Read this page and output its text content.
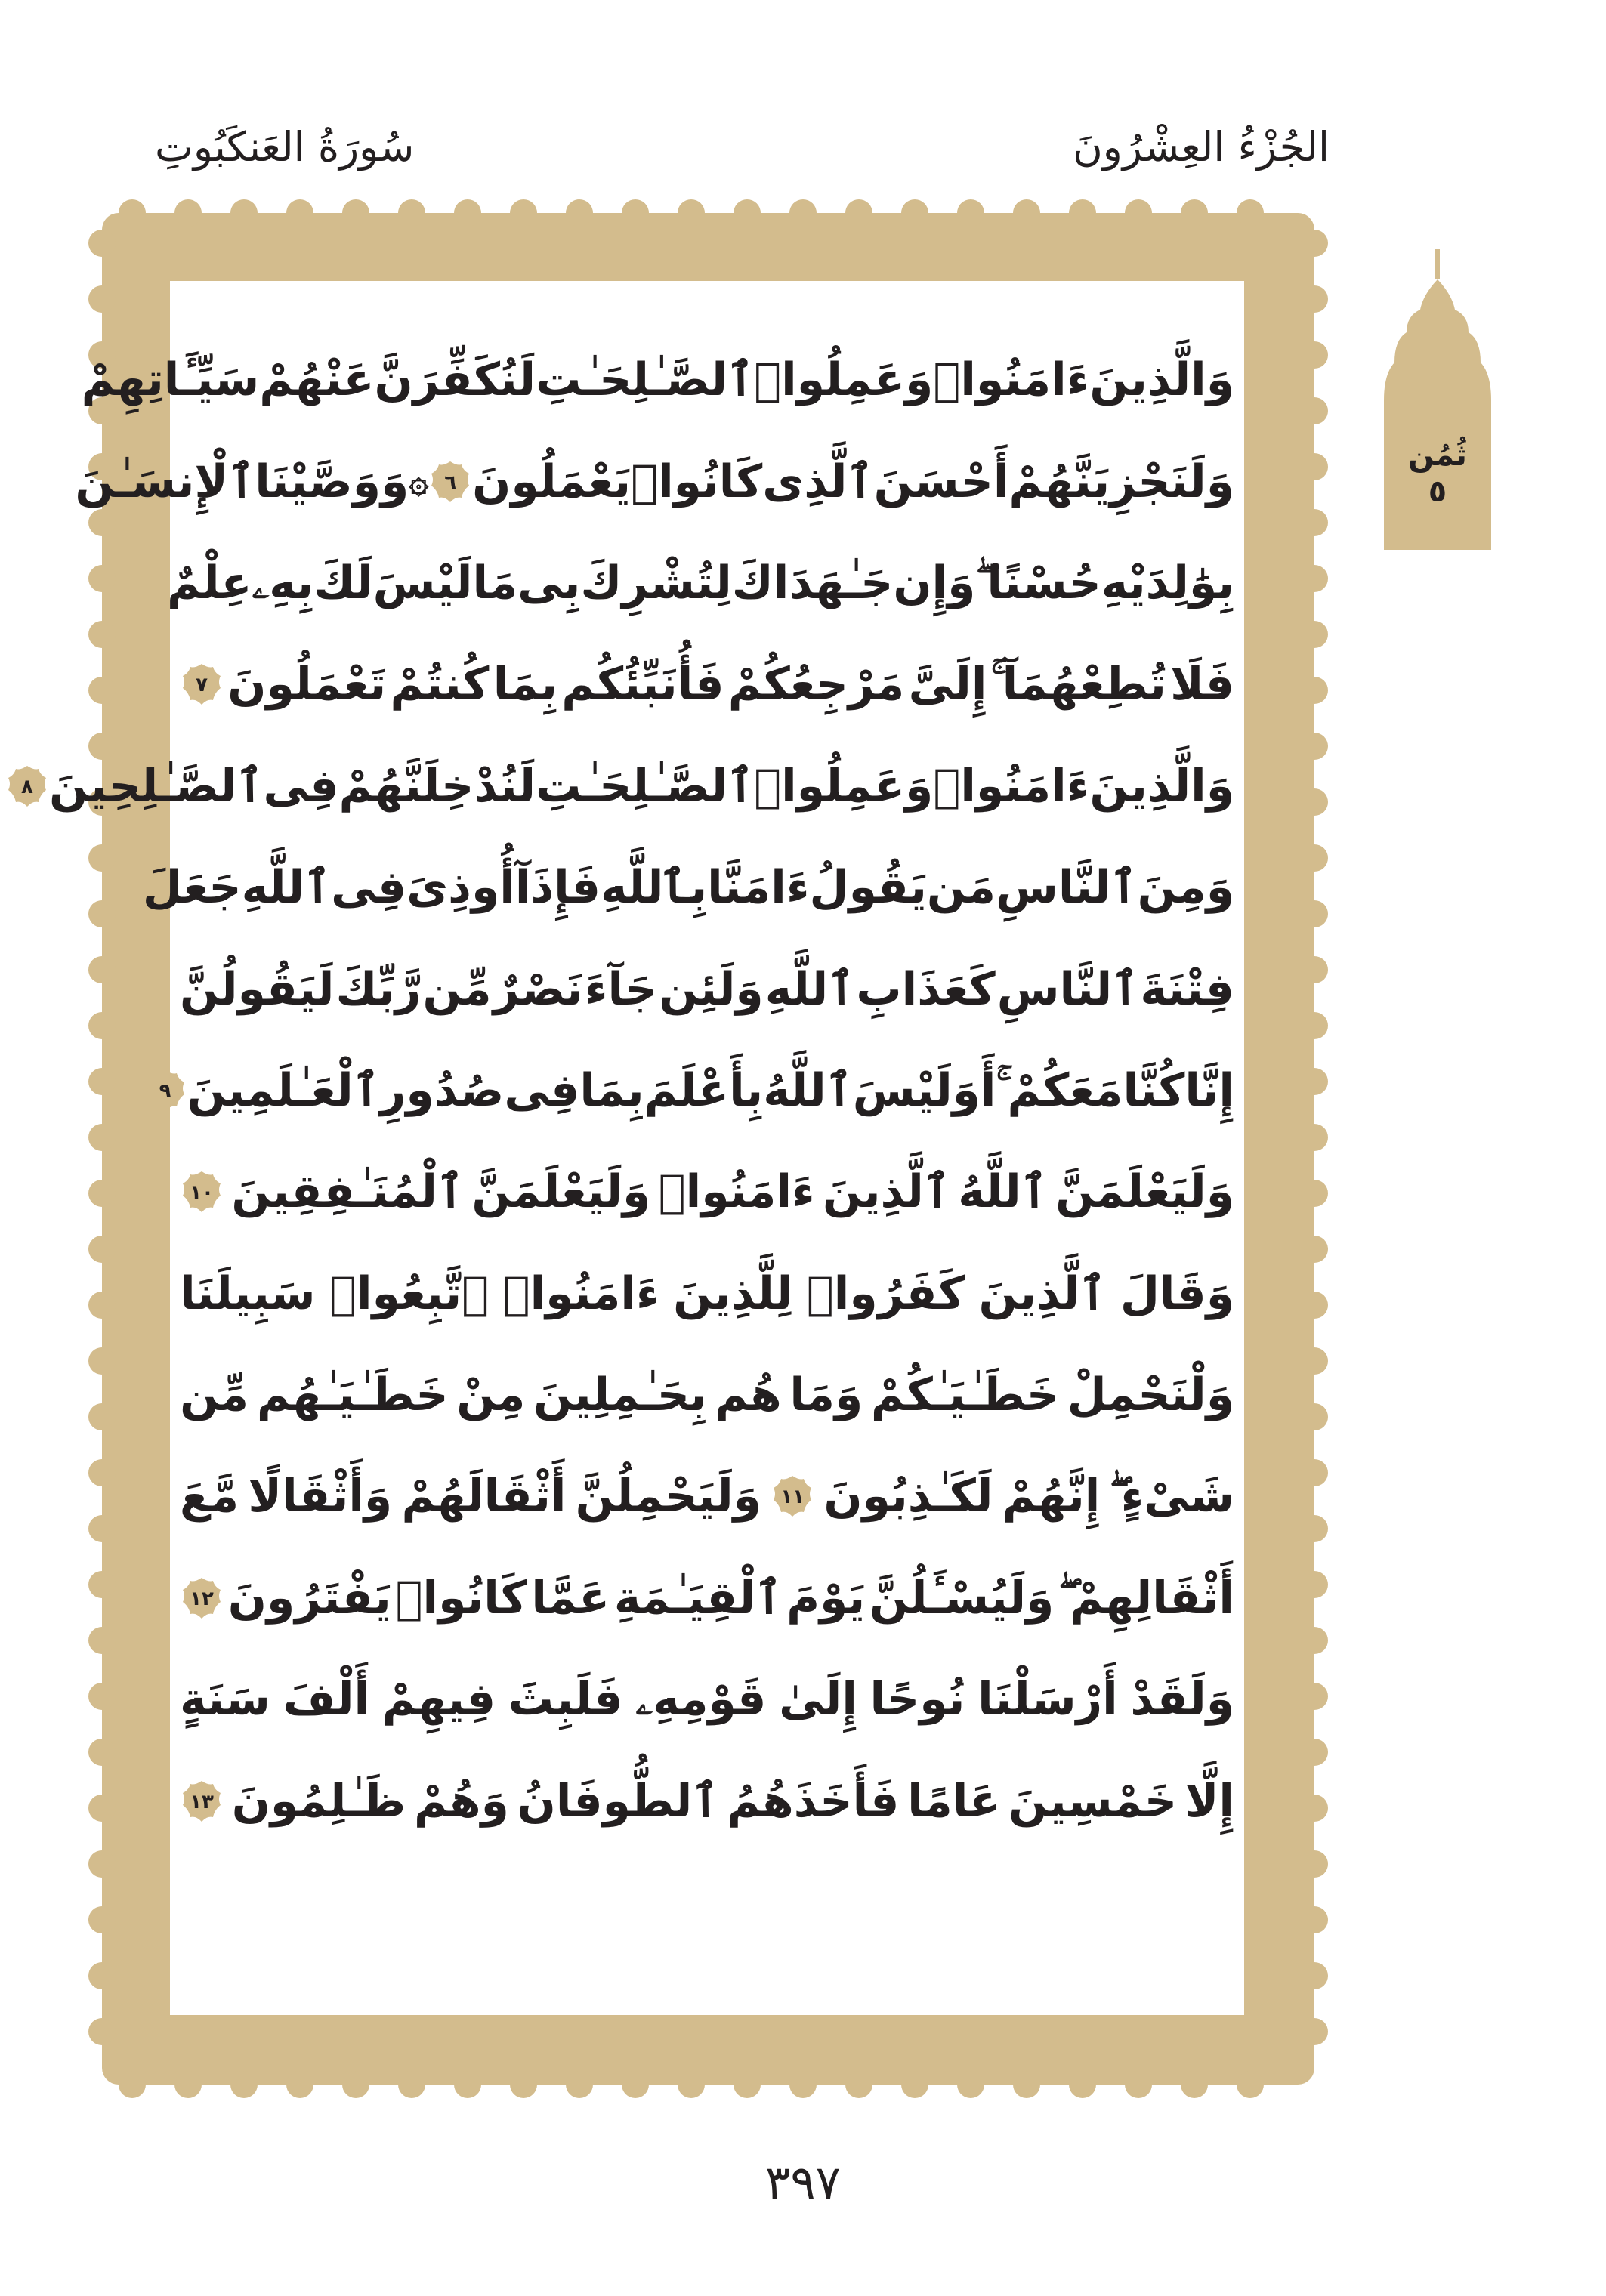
الجُزْءُ العِشْرُونَ
سُورَةُ العَنكَبُوتِ
وَالَّذِينَ
ءَامَنُوا۟
وَعَمِلُوا۟
ٱلصَّـٰلِحَـٰتِ
لَنُكَفِّرَنَّ
عَنْهُمْ
سَيِّـَٔاتِهِمْ
وَلَنَجْزِيَنَّهُمْ
أَحْسَنَ
ٱلَّذِى
كَانُوا۟
يَعْمَلُونَ
٦
۞
وَوَصَّيْنَا
ٱلْإِنسَـٰنَ
بِوَٰلِدَيْهِ
حُسْنًا ۖ
وَإِن
جَـٰهَدَاكَ
لِتُشْرِكَ
بِى
مَا
لَيْسَ
لَكَ
بِهِۦ
عِلْمٌ
فَلَا
تُطِعْهُمَآ ۚ
إِلَىَّ
مَرْجِعُكُمْ
فَأُنَبِّئُكُم
بِمَا
كُنتُمْ
تَعْمَلُونَ
٧
وَالَّذِينَ
ءَامَنُوا۟
وَعَمِلُوا۟
ٱلصَّـٰلِحَـٰتِ
لَنُدْخِلَنَّهُمْ
فِى
ٱلصَّـٰلِحِينَ
٨
وَمِنَ
ٱلنَّاسِ
مَن
يَقُولُ
ءَامَنَّا
بِٱللَّهِ
فَإِذَآ
أُوذِىَ
فِى
ٱللَّهِ
جَعَلَ
فِتْنَةَ
ٱلنَّاسِ
كَعَذَابِ
ٱللَّهِ
وَلَئِن
جَآءَ
نَصْرٌ
مِّن
رَّبِّكَ
لَيَقُولُنَّ
إِنَّا
كُنَّا
مَعَكُمْ ۚ
أَوَلَيْسَ
ٱللَّهُ
بِأَعْلَمَ
بِمَا
فِى
صُدُورِ
ٱلْعَـٰلَمِينَ
٩
وَلَيَعْلَمَنَّ
ٱللَّهُ
ٱلَّذِينَ
ءَامَنُوا۟
وَلَيَعْلَمَنَّ
ٱلْمُنَـٰفِقِينَ
١٠
وَقَالَ
ٱلَّذِينَ
كَفَرُوا۟
لِلَّذِينَ
ءَامَنُوا۟
ٱتَّبِعُوا۟
سَبِيلَنَا
وَلْنَحْمِلْ
خَطَـٰيَـٰكُمْ
وَمَا
هُم
بِحَـٰمِلِينَ
مِنْ
خَطَـٰيَـٰهُم
مِّن
شَىْءٍ ۖ
إِنَّهُمْ
لَكَـٰذِبُونَ
١١
وَلَيَحْمِلُنَّ
أَثْقَالَهُمْ
وَأَثْقَالًا
مَّعَ
أَثْقَالِهِمْ ۖ
وَلَيُسْـَٔلُنَّ
يَوْمَ
ٱلْقِيَـٰمَةِ
عَمَّا
كَانُوا۟
يَفْتَرُونَ
١٢
وَلَقَدْ
أَرْسَلْنَا
نُوحًا
إِلَىٰ
قَوْمِهِۦ
فَلَبِثَ
فِيهِمْ
أَلْفَ
سَنَةٍ
إِلَّا
خَمْسِينَ
عَامًا
فَأَخَذَهُمُ
ٱلطُّوفَانُ
وَهُمْ
ظَـٰلِمُونَ
١٣
ثُمُن
٥
٣٩٧
